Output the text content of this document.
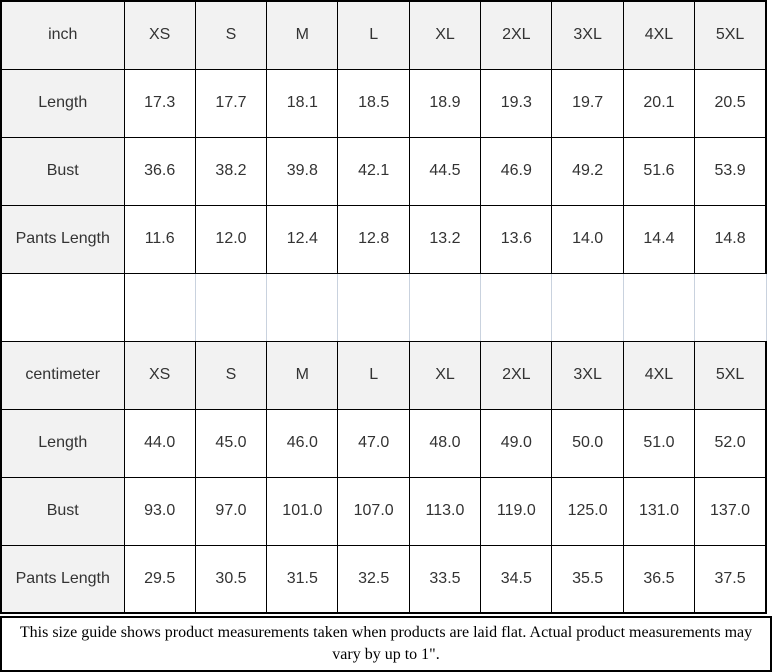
inch	XS	S	M	L	XL	2XL	3XL	4XL	5XL
Length	17.3	17.7	18.1	18.5	18.9	19.3	19.7	20.1	20.5
Bust	36.6	38.2	39.8	42.1	44.5	46.9	49.2	51.6	53.9
Pants Length	11.6	12.0	12.4	12.8	13.2	13.6	14.0	14.4	14.8

centimeter	XS	S	M	L	XL	2XL	3XL	4XL	5XL
Length	44.0	45.0	46.0	47.0	48.0	49.0	50.0	51.0	52.0
Bust	93.0	97.0	101.0	107.0	113.0	119.0	125.0	131.0	137.0
Pants Length	29.5	30.5	31.5	32.5	33.5	34.5	35.5	36.5	37.5

This size guide shows product measurements taken when products are laid flat. Actual product measurements may vary by up to 1".
